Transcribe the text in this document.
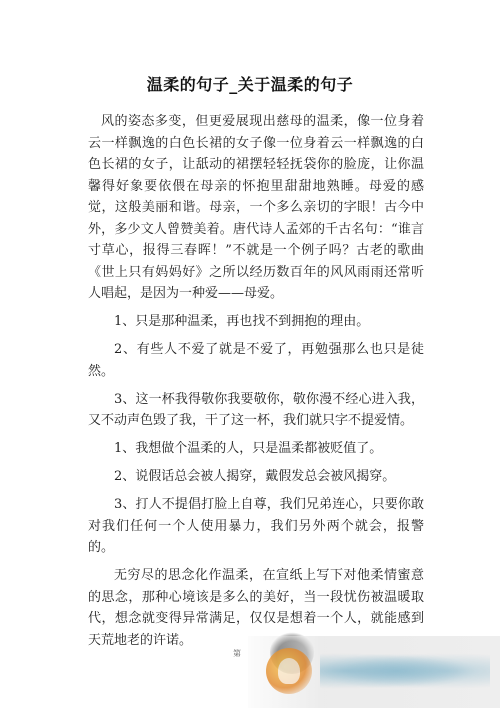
温柔的句子_关于温柔的句子

风的姿态多变，但更爱展现出慈母的温柔，像一位身着云一样飘逸的白色长裙的女子像一位身着云一样飘逸的白色长裙的女子，让舐动的裙摆轻轻抚袋你的脸庞，让你温馨得好象要依偎在母亲的怀抱里甜甜地熟睡。母爱的感觉，这般美丽和谐。母亲，一个多么亲切的字眼！古今中外，多少文人曾赞美着。唐代诗人孟郊的千古名句：“谁言寸草心，报得三春晖！”不就是一个例子吗？古老的歌曲《世上只有妈妈好》之所以经历数百年的风风雨雨还常听人唱起，是因为一种爱——母爱。

1、只是那种温柔，再也找不到拥抱的理由。

2、有些人不爱了就是不爱了，再勉强那么也只是徒然。

3、这一杯我得敬你我要敬你，敬你漫不经心进入我，又不动声色毁了我，干了这一杯，我们就只字不提爱情。

1、我想做个温柔的人，只是温柔都被贬值了。

2、说假话总会被人揭穿，戴假发总会被风揭穿。

3、打人不提倡打脸上自尊，我们兄弟连心，只要你敢对我们任何一个人使用暴力，我们另外两个就会，报警的。

无穷尽的思念化作温柔，在宣纸上写下对他柔情蜜意的思念，那种心境该是多么的美好，当一段忧伤被温暖取代，想念就变得异常满足，仅仅是想着一个人，就能感到天荒地老的许诺。

第
